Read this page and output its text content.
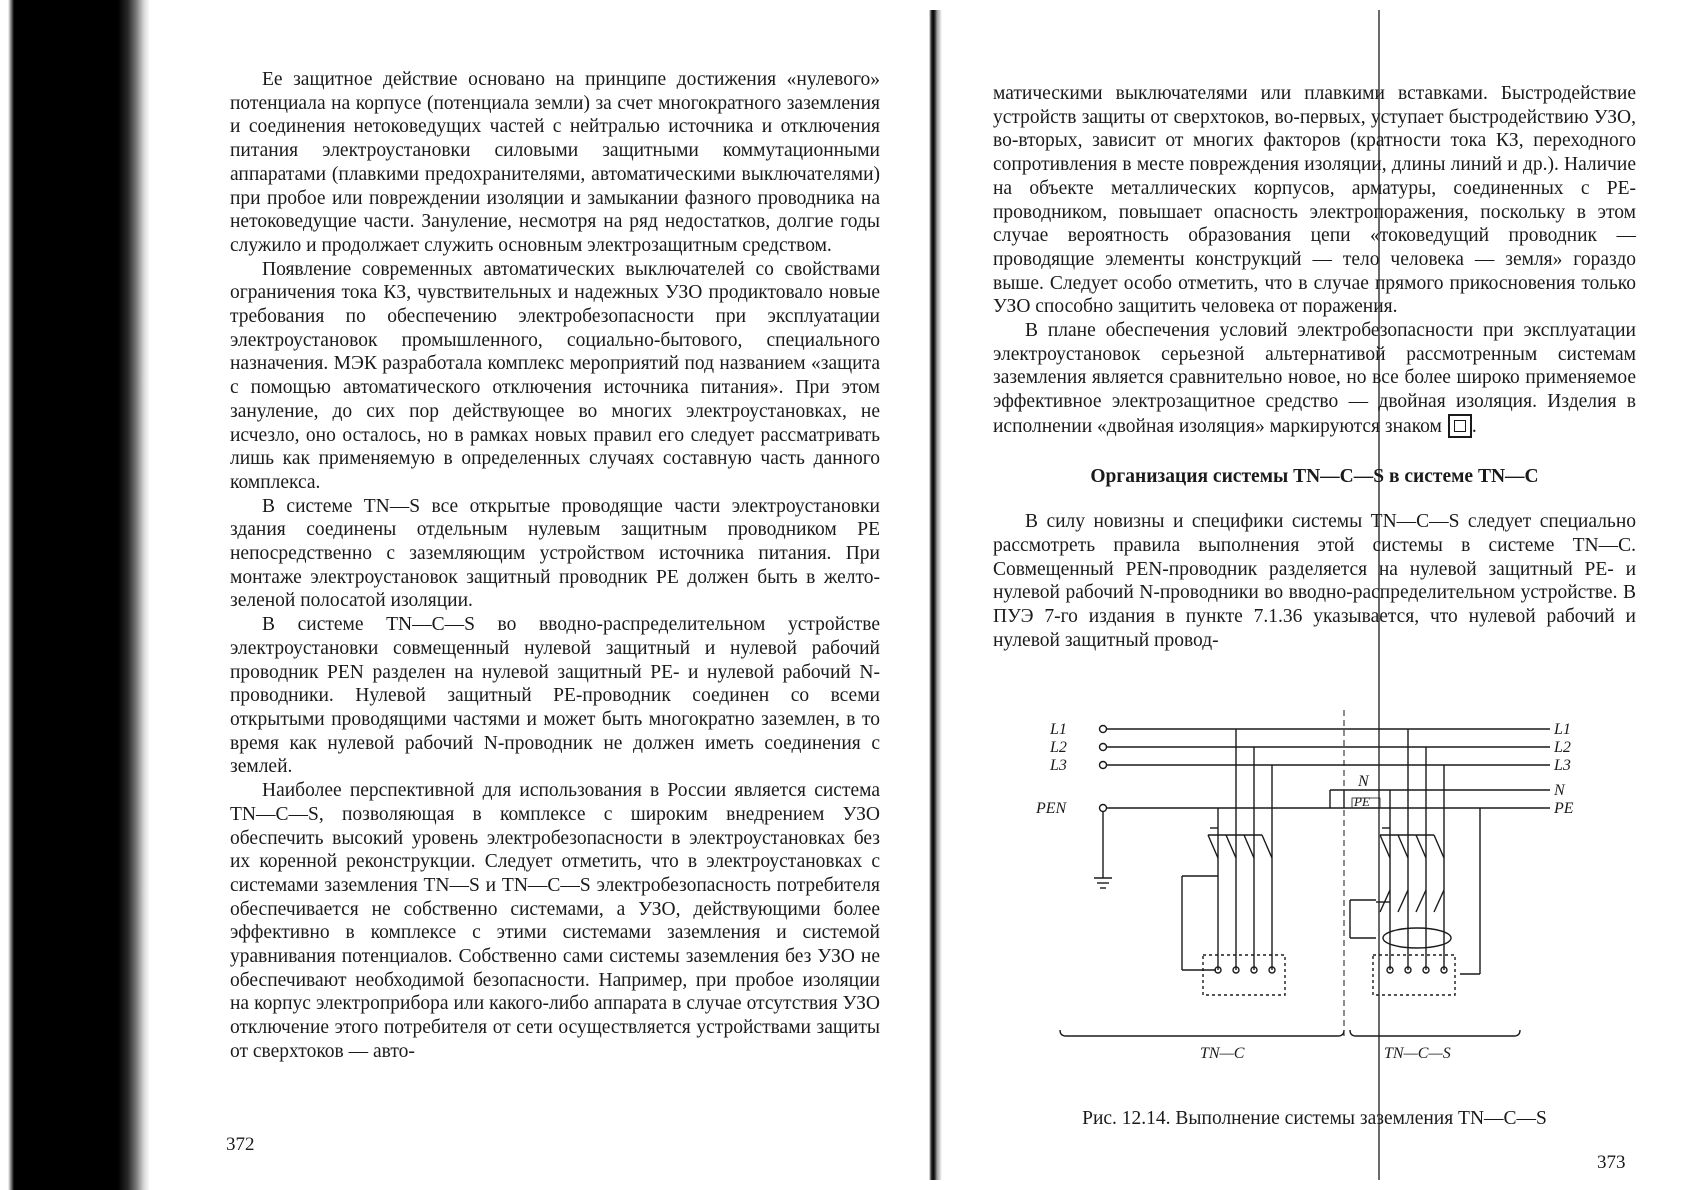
Ее защитное действие основано на принципе достижения «нулевого» потенциала на корпусе (потенциала земли) за счет многократного заземления и соединения нетоковедущих частей с нейтралью источника и отключения питания электроустановки силовыми защитными коммутационными аппаратами (плавкими предохранителями, автоматическими выключателями) при пробое или повреждении изоляции и замыкании фазного проводника на нетоковедущие части. Зануление, несмотря на ряд недостатков, долгие годы служило и продолжает служить основным электрозащитным средством.

Появление современных автоматических выключателей со свойствами ограничения тока КЗ, чувствительных и надежных УЗО продиктовало новые требования по обеспечению электробезопасности при эксплуатации электроустановок промышленного, социально-бытового, специального назначения. МЭК разработала комплекс мероприятий под названием «защита с помощью автоматического отключения источника питания». При этом зануление, до сих пор действующее во многих электроустановках, не исчезло, оно осталось, но в рамках новых правил его следует рассматривать лишь как применяемую в определенных случаях составную часть данного комплекса.

В системе TN—S все открытые проводящие части электроустановки здания соединены отдельным нулевым защитным проводником PE непосредственно с заземляющим устройством источника питания. При монтаже электроустановок защитный проводник PE должен быть в желто-зеленой полосатой изоляции.

В системе TN—C—S во вводно-распределительном устройстве электроустановки совмещенный нулевой защитный и нулевой рабочий проводник PEN разделен на нулевой защитный PE- и нулевой рабочий N-проводники. Нулевой защитный PE-проводник соединен со всеми открытыми проводящими частями и может быть многократно заземлен, в то время как нулевой рабочий N-проводник не должен иметь соединения с землей.

Наиболее перспективной для использования в России является система TN—C—S, позволяющая в комплексе с широким внедрением УЗО обеспечить высокий уровень электробезопасности в электроустановках без их коренной реконструкции. Следует отметить, что в электроустановках с системами заземления TN—S и TN—C—S электробезопасность потребителя обеспечивается не собственно системами, а УЗО, действующими более эффективно в комплексе с этими системами заземления и системой уравнивания потенциалов. Собственно сами системы заземления без УЗО не обеспечивают необходимой безопасности. Например, при пробое изоляции на корпус электроприбора или какого-либо аппарата в случае отсутствия УЗО отключение этого потребителя от сети осуществляется устройствами защиты от сверхтоков — авто-

372

матическими выключателями или плавкими вставками. Быстродействие устройств защиты от сверхтоков, во-первых, уступает быстродействию УЗО, во-вторых, зависит от многих факторов (кратности тока КЗ, переходного сопротивления в месте повреждения изоляции, длины линий и др.). Наличие на объекте металлических корпусов, арматуры, соединенных с PE-проводником, повышает опасность электропоражения, поскольку в этом случае вероятность образования цепи «токоведущий проводник — проводящие элементы конструкций — тело человека — земля» гораздо выше. Следует особо отметить, что в случае прямого прикосновения только УЗО способно защитить человека от поражения.

В плане обеспечения условий электробезопасности при эксплуатации электроустановок серьезной альтернативой рассмотренным системам заземления является сравнительно новое, но все более широко применяемое эффективное электрозащитное средство — двойная изоляция. Изделия в исполнении «двойная изоляция» маркируются знаком .

Организация системы TN—C—S в системе TN—C

В силу новизны и специфики системы TN—C—S следует специально рассмотреть правила выполнения этой системы в системе TN—C. Совмещенный PEN-проводник разделяется на нулевой защитный PE- и нулевой рабочий N-проводники во вводно-распределительном устройстве. В ПУЭ 7-го издания в пункте 7.1.36 указывается, что нулевой рабочий и нулевой защитный провод-

L1
L2
L3
PEN
L1
L2
L3
N
PE
N
PE
TN—C	TN—C—S
Рис. 12.14. Выполнение системы заземления TN—C—S
373
